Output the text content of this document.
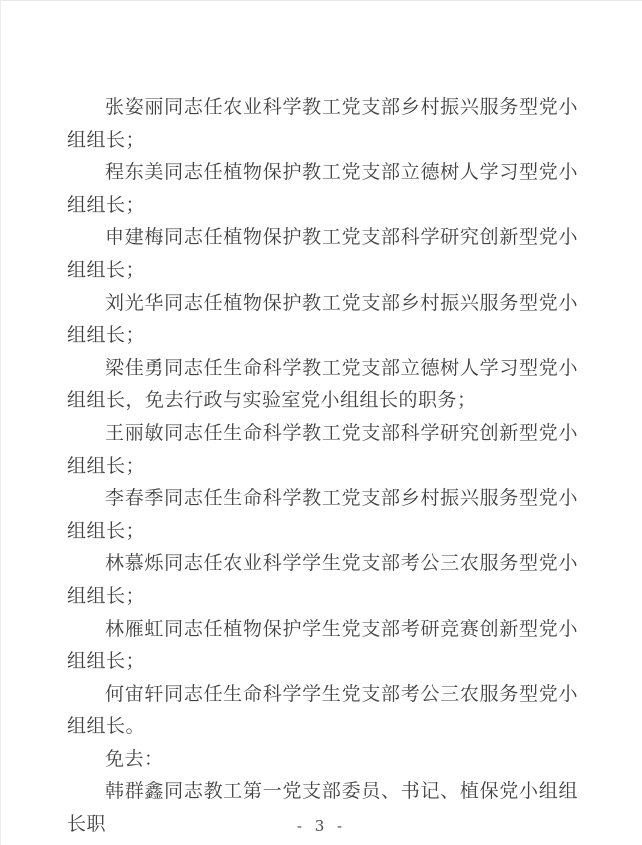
张姿丽同志任农业科学教工党支部乡村振兴服务型党小组组长；

程东美同志任植物保护教工党支部立德树人学习型党小组组长；

申建梅同志任植物保护教工党支部科学研究创新型党小组组长；

刘光华同志任植物保护教工党支部乡村振兴服务型党小组组长；

梁佳勇同志任生命科学教工党支部立德树人学习型党小组组长，免去行政与实验室党小组组长的职务；

王丽敏同志任生命科学教工党支部科学研究创新型党小组组长；

李春季同志任生命科学教工党支部乡村振兴服务型党小组组长；

林慕烁同志任农业科学学生党支部考公三农服务型党小组组长；

林雁虹同志任植物保护学生党支部考研竞赛创新型党小组组长；

何宙轩同志任生命科学学生党支部考公三农服务型党小组组长。

免去：

韩群鑫同志教工第一党支部委员、书记、植保党小组组长职	- 3 -
